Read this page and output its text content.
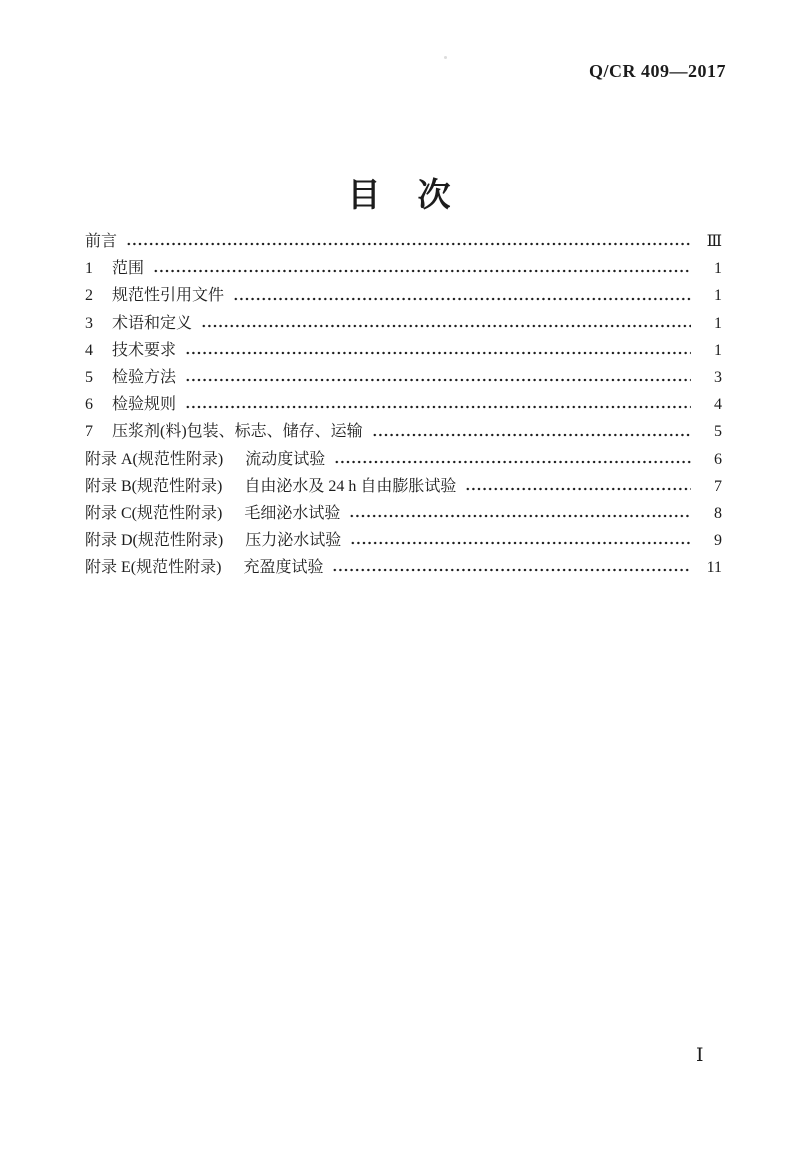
Q/CR 409—2017
目　次
前言	Ⅲ
1	范围	1
2	规范性引用文件	1
3	术语和定义	1
4	技术要求	1
5	检验方法	3
6	检验规则	4
7	压浆剂(料)包装、标志、储存、运输	5
附录 A(规范性附录) 流动度试验	6
附录 B(规范性附录) 自由泌水及 24 h 自由膨胀试验	7
附录 C(规范性附录) 毛细泌水试验	8
附录 D(规范性附录) 压力泌水试验	9
附录 E(规范性附录) 充盈度试验	11
Ⅰ
